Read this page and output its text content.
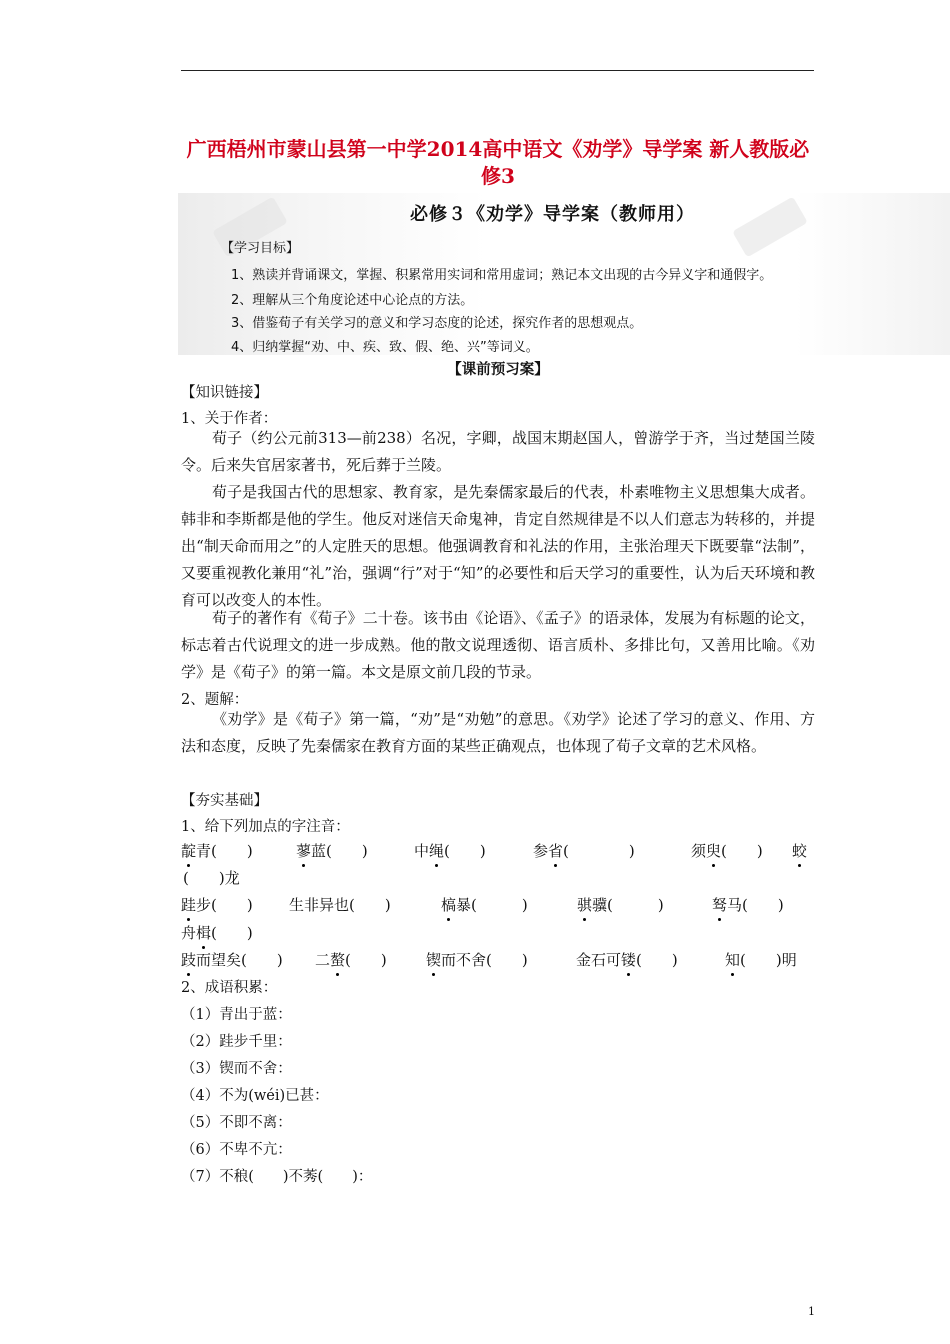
广西梧州市蒙山县第一中学2014高中语文《劝学》导学案 新人教版必修3
必修３《劝学》导学案（教师用）
【学习目标】
1、熟读并背诵课文，掌握、积累常用实词和常用虚词；熟记本文出现的古今异义字和通假字。
2、理解从三个角度论述中心论点的方法。
3、借鉴荀子有关学习的意义和学习态度的论述，探究作者的思想观点。
4、归纳掌握“劝、中、疾、致、假、绝、兴”等词义。
【课前预习案】
【知识链接】
1、关于作者：
荀子（约公元前313—前238）名况，字卿，战国末期赵国人，曾游学于齐，当过楚国兰陵令。后来失官居家著书，死后葬于兰陵。
荀子是我国古代的思想家、教育家，是先秦儒家最后的代表，朴素唯物主义思想集大成者。韩非和李斯都是他的学生。他反对迷信天命鬼神，肯定自然规律是不以人们意志为转移的，并提出“制天命而用之”的人定胜天的思想。他强调教育和礼法的作用，主张治理天下既要靠“法制”，又要重视教化兼用“礼”治，强调“行”对于“知”的必要性和后天学习的重要性，认为后天环境和教育可以改变人的本性。
荀子的著作有《荀子》二十卷。该书由《论语》、《孟子》的语录体，发展为有标题的论文，标志着古代说理文的进一步成熟。他的散文说理透彻、语言质朴、多排比句，又善用比喻。《劝学》是《荀子》的第一篇。本文是原文前几段的节录。
2、题解：
《劝学》是《荀子》第一篇，“劝”是“劝勉”的意思。《劝学》论述了学习的意义、作用、方法和态度，反映了先秦儒家在教育方面的某些正确观点，也体现了荀子文章的艺术风格。
【夯实基础】
1、给下列加点的字注音：
靛青(　　)	蓼蓝(　　)	中绳(　　)	参省(　　　　)	须臾(　　) 蛟
(　　)龙
跬步(　　) 生非异也(　　)	槁暴(　　　)	骐骥(　　　)	驽马(　　)
舟楫(　　)
跂而望矣(　　) 二螯(　　)	锲而不舍(　　)	金石可镂(　　)	知(　　)明
2、成语积累：
（1）青出于蓝：
（2）跬步千里：
（3）锲而不舍：
（4）不为(wéi)已甚：
（5）不即不离：
（6）不卑不亢：
（7）不稂(　　)不莠(　　)：
1
